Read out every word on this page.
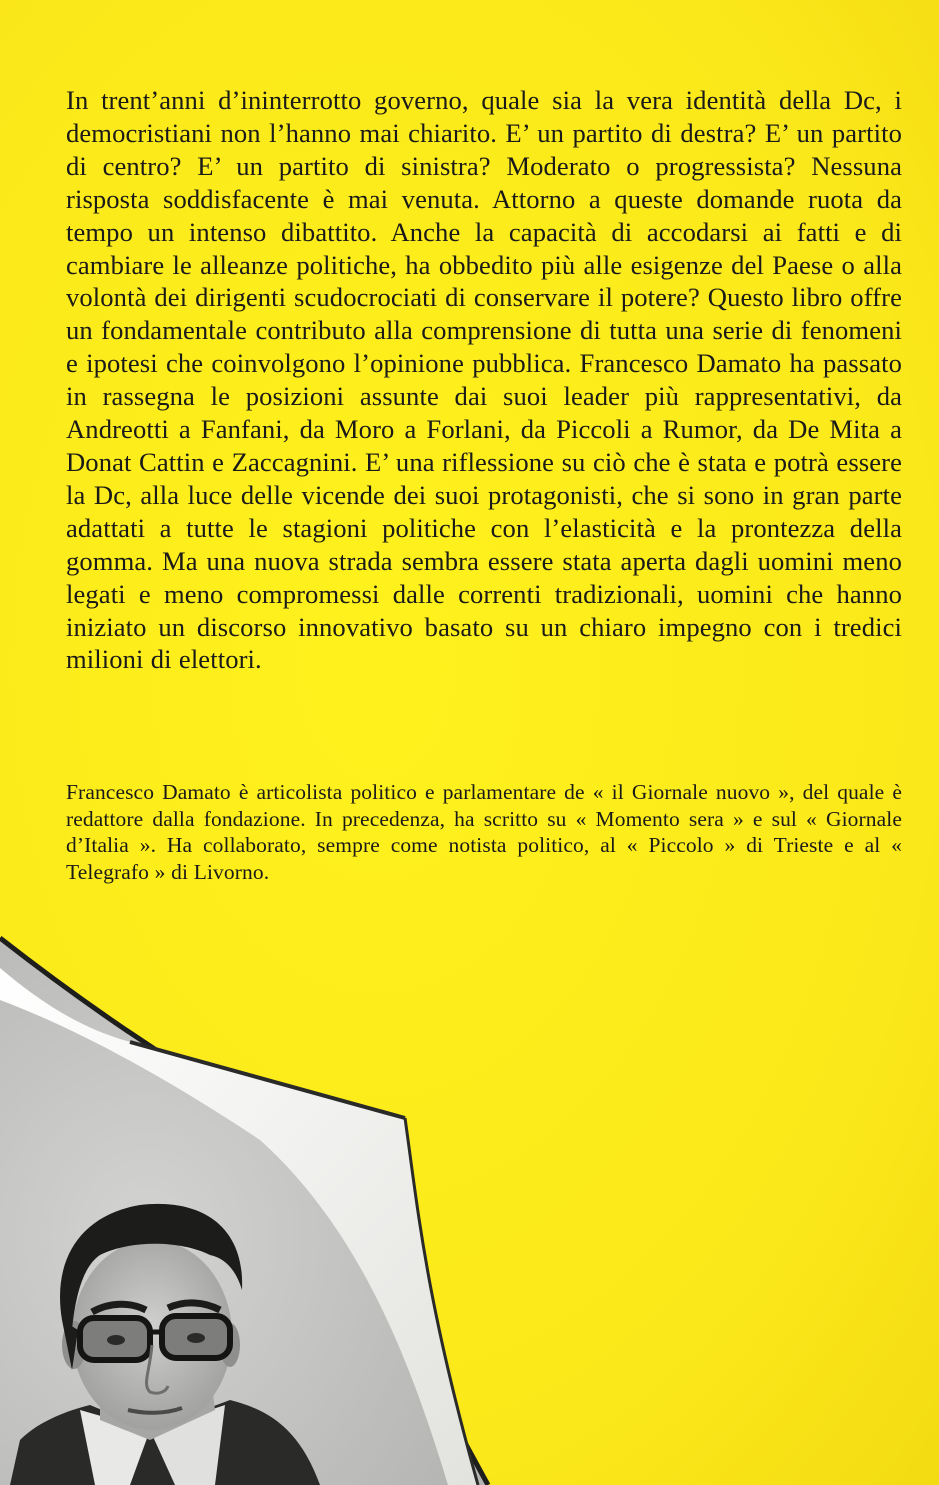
In trent’anni d’ininterrotto governo, quale sia la vera identità della Dc, i democristiani non l’hanno mai chiarito. E’ un partito di destra? E’ un partito di centro? E’ un partito di sinistra? Moderato o progressista? Nessuna risposta soddisfacente è mai venuta. Attorno a queste domande ruota da tempo un intenso dibattito. Anche la capacità di accodarsi ai fatti e di cambiare le alleanze politiche, ha obbedito più alle esigenze del Paese o alla volontà dei dirigenti scudocrociati di conservare il potere? Questo libro offre un fondamentale contributo alla comprensione di tutta una serie di fenomeni e ipotesi che coinvolgono l’opinione pubblica. Francesco Damato ha passato in rassegna le posizioni assunte dai suoi leader più rappresentativi, da Andreotti a Fanfani, da Moro a Forlani, da Piccoli a Rumor, da De Mita a Donat Cattin e Zaccagnini. E’ una riflessione su ciò che è stata e potrà essere la Dc, alla luce delle vicende dei suoi protagonisti, che si sono in gran parte adattati a tutte le stagioni politiche con l’elasticità e la prontezza della gomma. Ma una nuova strada sembra essere stata aperta dagli uomini meno legati e meno compromessi dalle correnti tradizionali, uomini che hanno iniziato un discorso innovativo basato su un chiaro impegno con i tredici milioni di elettori.

Francesco Damato è articolista politico e parlamentare de « il Giornale nuovo », del quale è redattore dalla fondazione. In precedenza, ha scritto su « Momento sera » e sul « Giornale d’Italia ». Ha collaborato, sempre come notista politico, al « Piccolo » di Trieste e al « Telegrafo » di Livorno.
